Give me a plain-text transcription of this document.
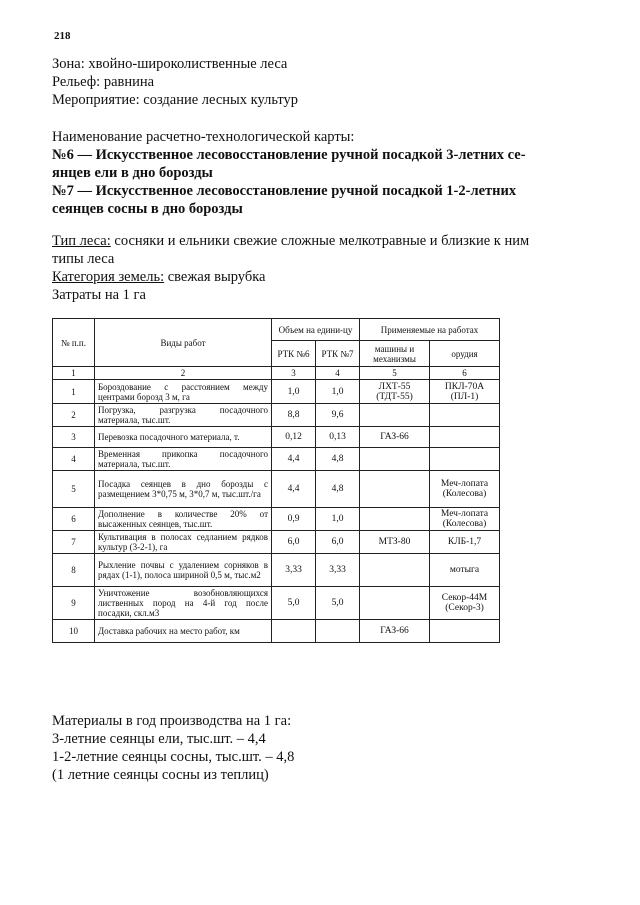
218
Зона: хвойно-широколиственные леса
Рельеф: равнина
Мероприятие: создание лесных культур
Наименование расчетно-технологической карты:
№6 — Искусственное лесовосстановление ручной посадкой 3-летних се-
янцев ели в дно борозды
№7 — Искусственное лесовосстановление ручной посадкой 1-2-летних
сеянцев сосны в дно борозды
Тип леса: сосняки и ельники свежие сложные мелкотравные и близкие к ним
типы леса
Категория земель: свежая вырубка
Затраты на 1 га
№ п.п.	Виды работ	Объем на едини-цу		Применяемые на работах	
		РТК №6	РТК №7	машины и механизмы	орудия
1	2	3	4	5	6
1	Бороздование с расстоянием между центрами борозд 3 м, га	1,0	1,0	ЛХТ-55 (ТДТ-55)	ПКЛ-70А (ПЛ-1)
2	Погрузка, разгрузка посадочного материала, тыс.шт.	8,8	9,6		
3	Перевозка посадочного материала, т.	0,12	0,13	ГАЗ-66	
4	Временная прикопка посадочного материала, тыс.шт.	4,4	4,8		
5	Посадка сеянцев в дно борозды с размещением 3*0,75 м, 3*0,7 м, тыс.шт./га	4,4	4,8		Меч-лопата (Колесова)
6	Дополнение в количестве 20% от высаженных сеянцев, тыс.шт.	0,9	1,0		Меч-лопата (Колесова)
7	Культивация в полосах седланием рядков культур (3-2-1), га	6,0	6,0	МТЗ-80	КЛБ-1,7
8	Рыхление почвы с удалением сорняков в рядах (1-1), полоса шириной 0,5 м, тыс.м2	3,33	3,33		мотыга
9	Уничтожение возобновляющихся лиственных пород на 4-й год после посадки, скл.м3	5,0	5,0		Секор-44М (Секор-3)
10	Доставка рабочих на место работ, км			ГАЗ-66	
Материалы в год производства на 1 га:
3-летние сеянцы ели, тыс.шт. – 4,4
1-2-летние сеянцы сосны, тыс.шт. – 4,8
(1 летние сеянцы сосны из теплиц)
